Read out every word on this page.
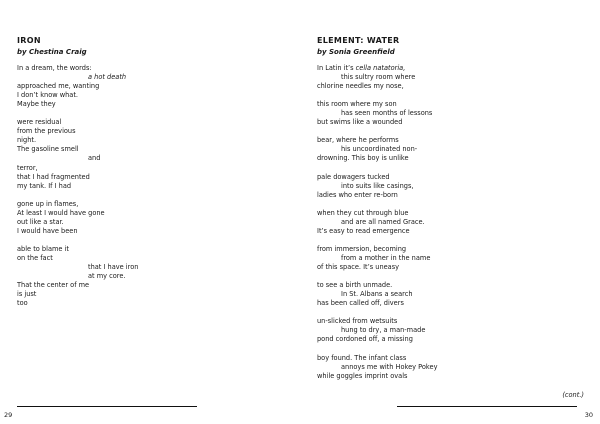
IRON

by Chestina Craig

In a dream, the words:
a hot death
approached me, wanting
I don’t know what.
Maybe they
were residual
from the previous
night.
The gasoline smell
and
terror,
that I had fragmented
my tank. If I had
gone up in flames,
At least I would have gone
out like a star.
I would have been
able to blame it
on the fact
that I have iron
at my core.
That the center of me
is just
too
29
ELEMENT: WATER

by Sonia Greenfield

In Latin it’s cella natatoria,
this sultry room where
chlorine needles my nose,
this room where my son
has seen months of lessons
but swims like a wounded
bear, where he performs
his uncoordinated non-
drowning. This boy is unlike
pale dowagers tucked
into suits like casings,
ladies who enter re-born
when they cut through blue
and are all named Grace.
It’s easy to read emergence
from immersion, becoming
from a mother in the name
of this space. It’s uneasy
to see a birth unmade.
In St. Albans a search
has been called off, divers
un-slicked from wetsuits
hung to dry, a man-made
pond cordoned off, a missing
boy found. The infant class
annoys me with Hokey Pokey
while goggles imprint ovals
(cont.)
30
